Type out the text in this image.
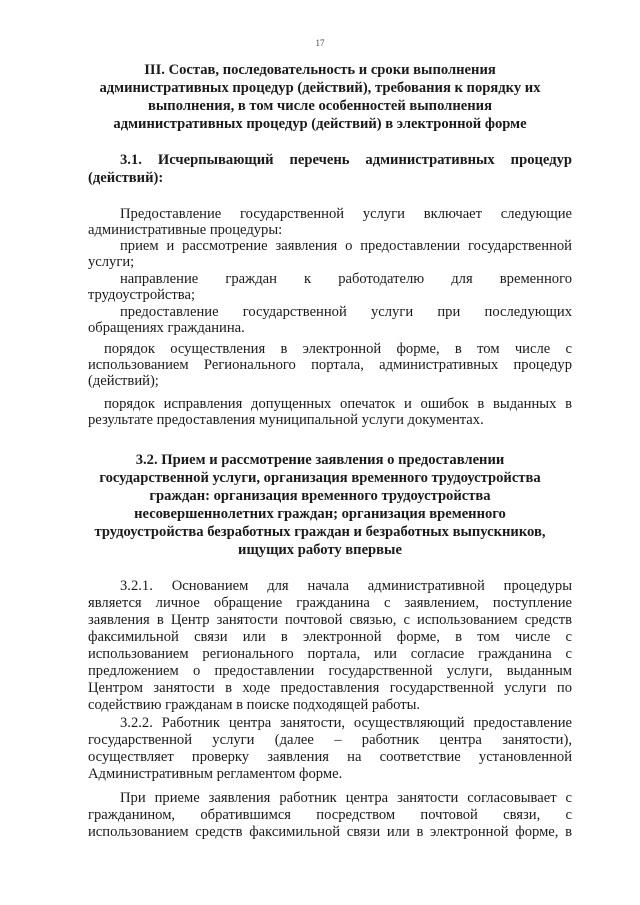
17
III. Состав, последовательность и сроки выполнения
административных процедур (действий), требования к порядку их
выполнения, в том числе особенностей выполнения
административных процедур (действий) в электронной форме
3.1. Исчерпывающий перечень административных процедур
(действий):
Предоставление государственной услуги включает следующие
административные процедуры:
прием и рассмотрение заявления о предоставлении государственной
услуги;
направление граждан к работодателю для временного
трудоустройства;
предоставление государственной услуги при последующих
обращениях гражданина.
порядок осуществления в электронной форме, в том числе с
использованием Регионального портала, административных процедур
(действий);
порядок исправления допущенных опечаток и ошибок в выданных в
результате предоставления муниципальной услуги документах.
3.2. Прием и рассмотрение заявления о предоставлении
государственной услуги, организация временного трудоустройства
граждан: организация временного трудоустройства
несовершеннолетних граждан; организация временного
трудоустройства безработных граждан и безработных выпускников,
ищущих работу впервые
3.2.1. Основанием для начала административной процедуры
является личное обращение гражданина с заявлением, поступление
заявления в Центр занятости почтовой связью, с использованием средств
факсимильной связи или в электронной форме, в том числе с
использованием регионального портала, или согласие гражданина с
предложением о предоставлении государственной услуги, выданным
Центром занятости в ходе предоставления государственной услуги по
содействию гражданам в поиске подходящей работы.
3.2.2. Работник центра занятости, осуществляющий предоставление
государственной услуги (далее – работник центра занятости),
осуществляет проверку заявления на соответствие установленной
Административным регламентом форме.
При приеме заявления работник центра занятости согласовывает с
гражданином, обратившимся посредством почтовой связи, с
использованием средств факсимильной связи или в электронной форме, в
